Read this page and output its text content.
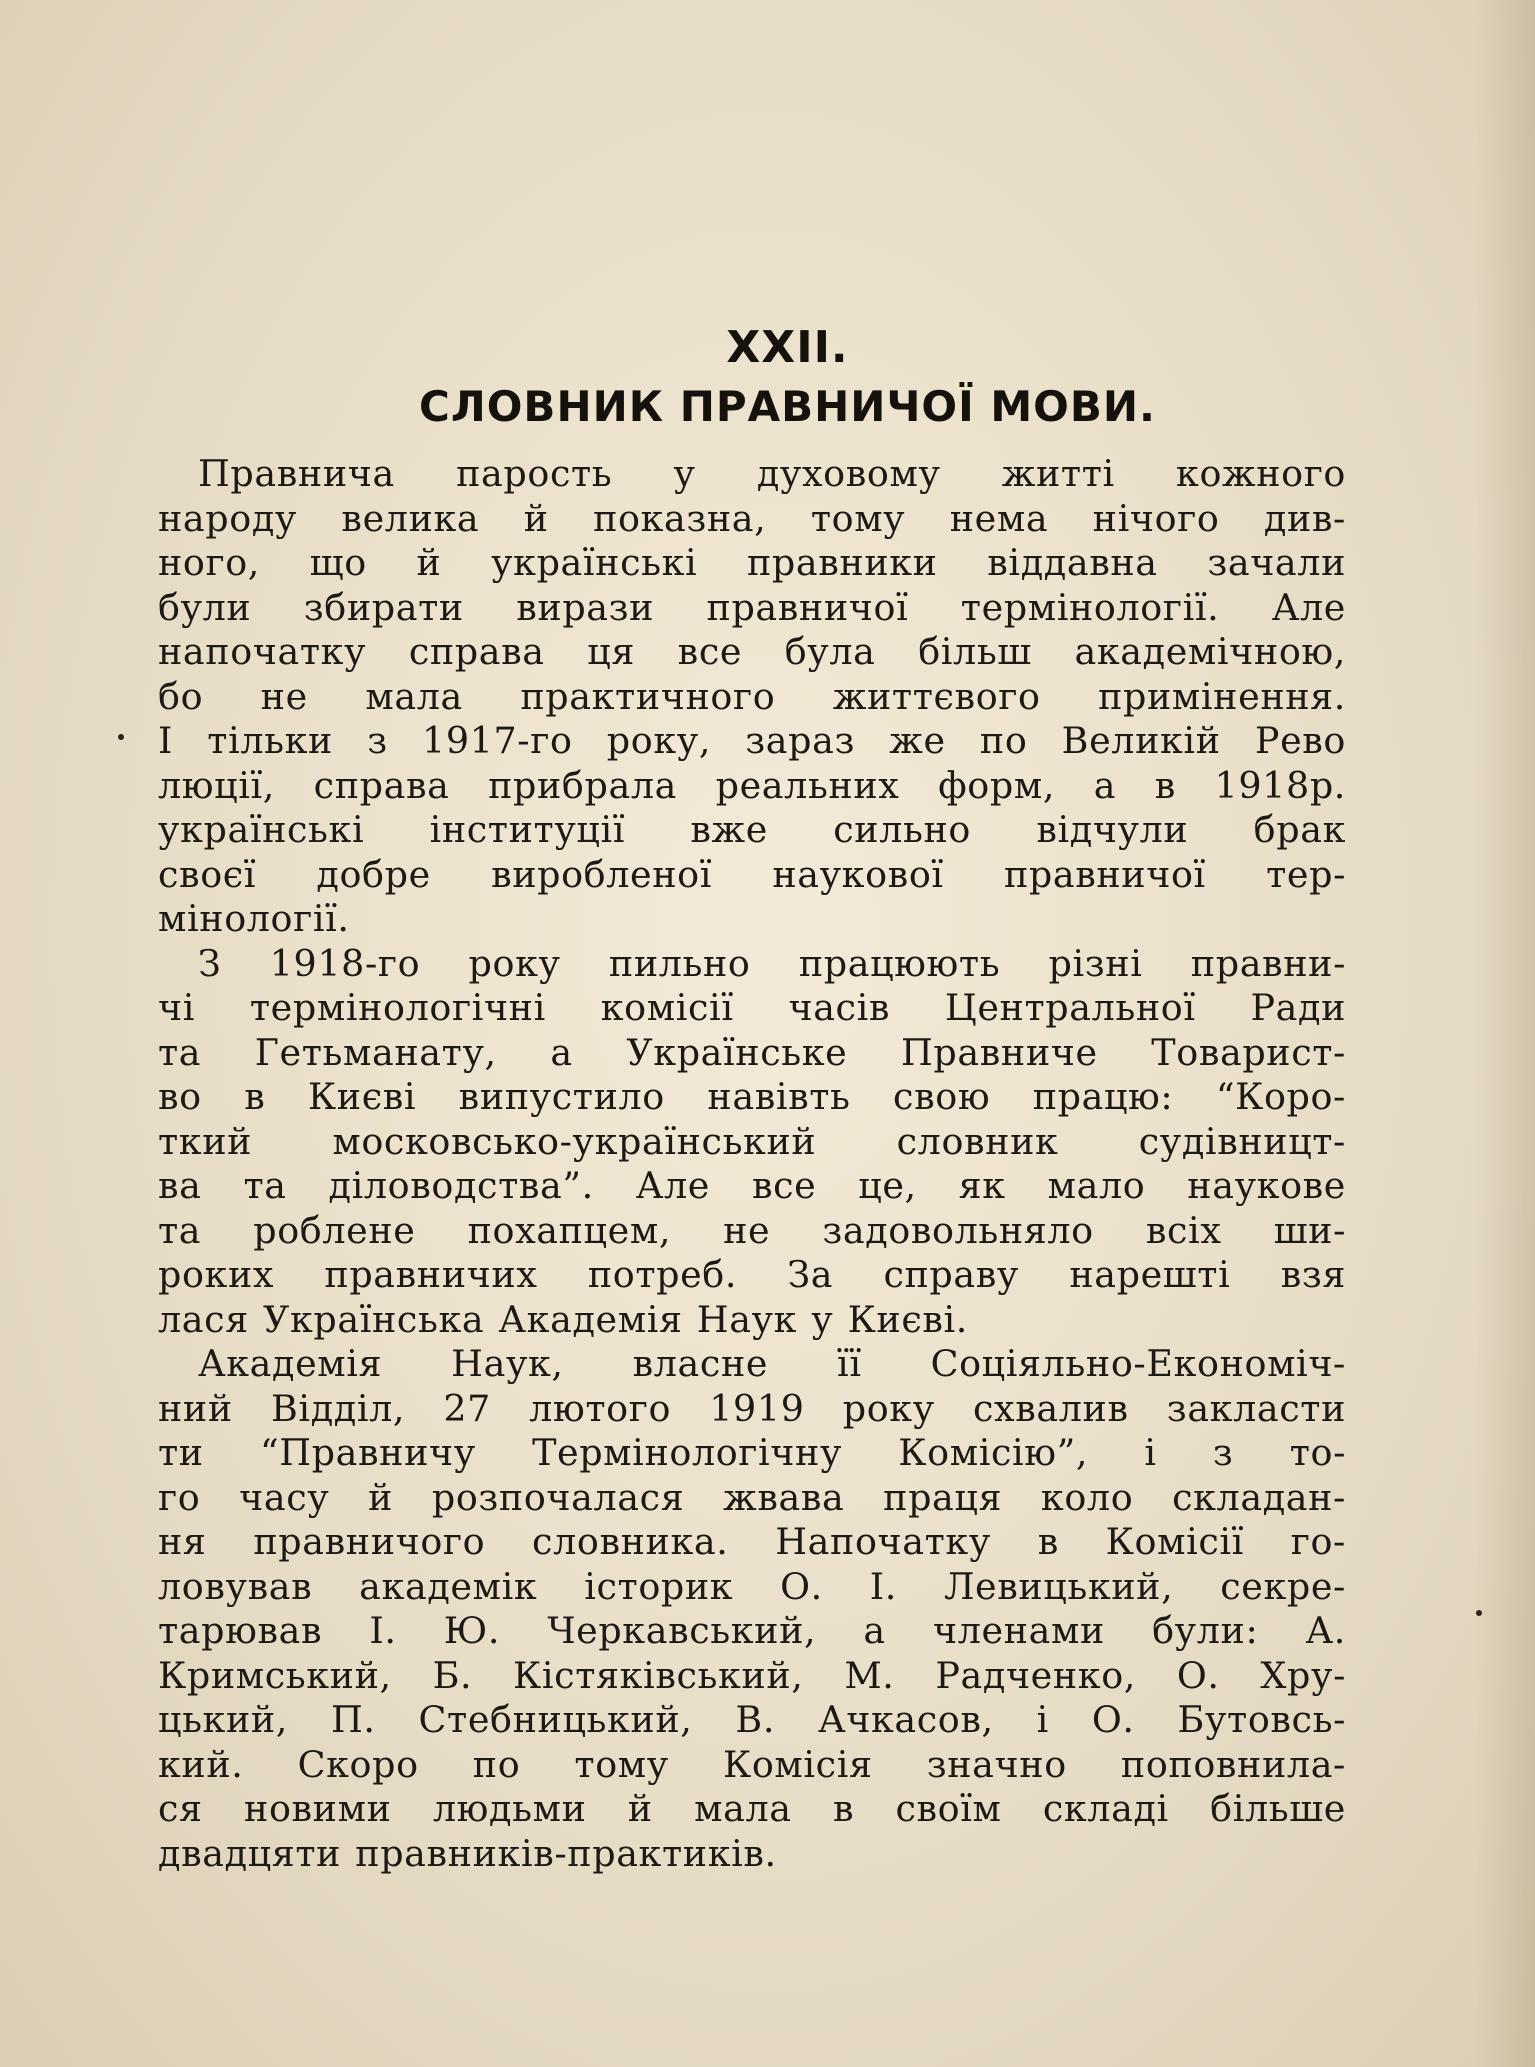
XXII.
СЛОВНИК ПРАВНИЧОЇ МОВИ.
Правнича парость у духовому житті кожного
народу велика й показна, тому нема нічого див-
ного, що й українські правники віддавна зачали
були збирати вирази правничої термінології. Але
напочатку справа ця все була більш академічною,
бо не мала практичного життєвого примінення.
І тільки з 1917-го року, зараз же по Великій Рево
люції, справа прибрала реальних форм, а в 1918р.
українські інституції вже сильно відчули брак
своєї добре виробленої наукової правничої тер-
мінології.
З 1918-го року пильно працюють різні правни-
чі термінологічні комісії часів Центральної Ради
та Гетьманату, а Українське Правниче Товарист-
во в Києві випустило навівть свою працю: “Коро-
ткий московсько-український словник судівницт-
ва та діловодства”. Але все це, як мало наукове
та роблене похапцем, не задовольняло всіх ши-
роких правничих потреб. За справу нарешті взя
лася Українська Академія Наук у Києві.
Академія Наук, власне її Соціяльно-Економіч-
ний Відділ, 27 лютого 1919 року схвалив закласти
ти “Правничу Термінологічну Комісію”, і з то-
го часу й розпочалася жвава праця коло складан-
ня правничого словника. Напочатку в Комісії го-
ловував академік історик О. І. Левицький, секре-
тарював І. Ю. Черкавський, а членами були: А.
Кримський, Б. Кістяківський, М. Радченко, О. Хру-
цький, П. Стебницький, В. Ачкасов, і О. Бутовсь-
кий. Скоро по тому Комісія значно поповнила-
ся новими людьми й мала в своїм складі більше
двадцяти правників-практиків.
